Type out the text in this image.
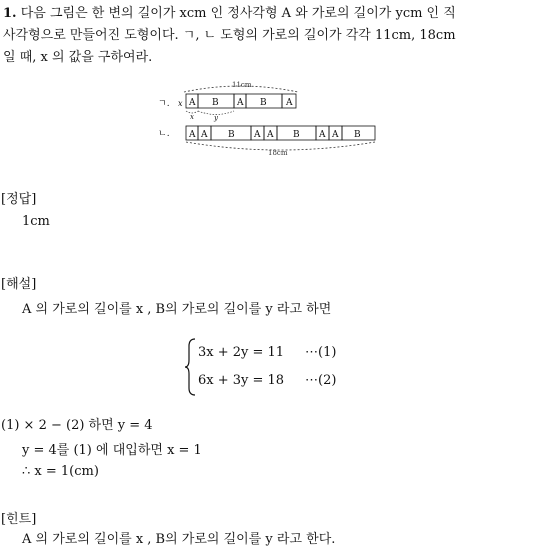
1. 다음 그림은 한 변의 길이가 xcm 인 정사각형 A 와 가로의 길이가 ycm 인 직
사각형으로 만들어진 도형이다. ㄱ, ㄴ 도형의 가로의 길이가 각각 11cm, 18cm
일 때, x 의 값을 구하여라.
11cm
ㄱ. x A B A B A
x	y
ㄴ. A A B A A B A A B
18cm
[정답]
1cm
[해설]
A 의 가로의 길이를 x , B의 가로의 길이를 y 라고 하면
3x + 2y = 11 ⋯(1)
6x + 3y = 18 ⋯(2)
(1) × 2 − (2) 하면 y = 4
y = 4를 (1) 에 대입하면 x = 1
∴ x = 1(cm)
[힌트]
A 의 가로의 길이를 x , B의 가로의 길이를 y 라고 한다.
